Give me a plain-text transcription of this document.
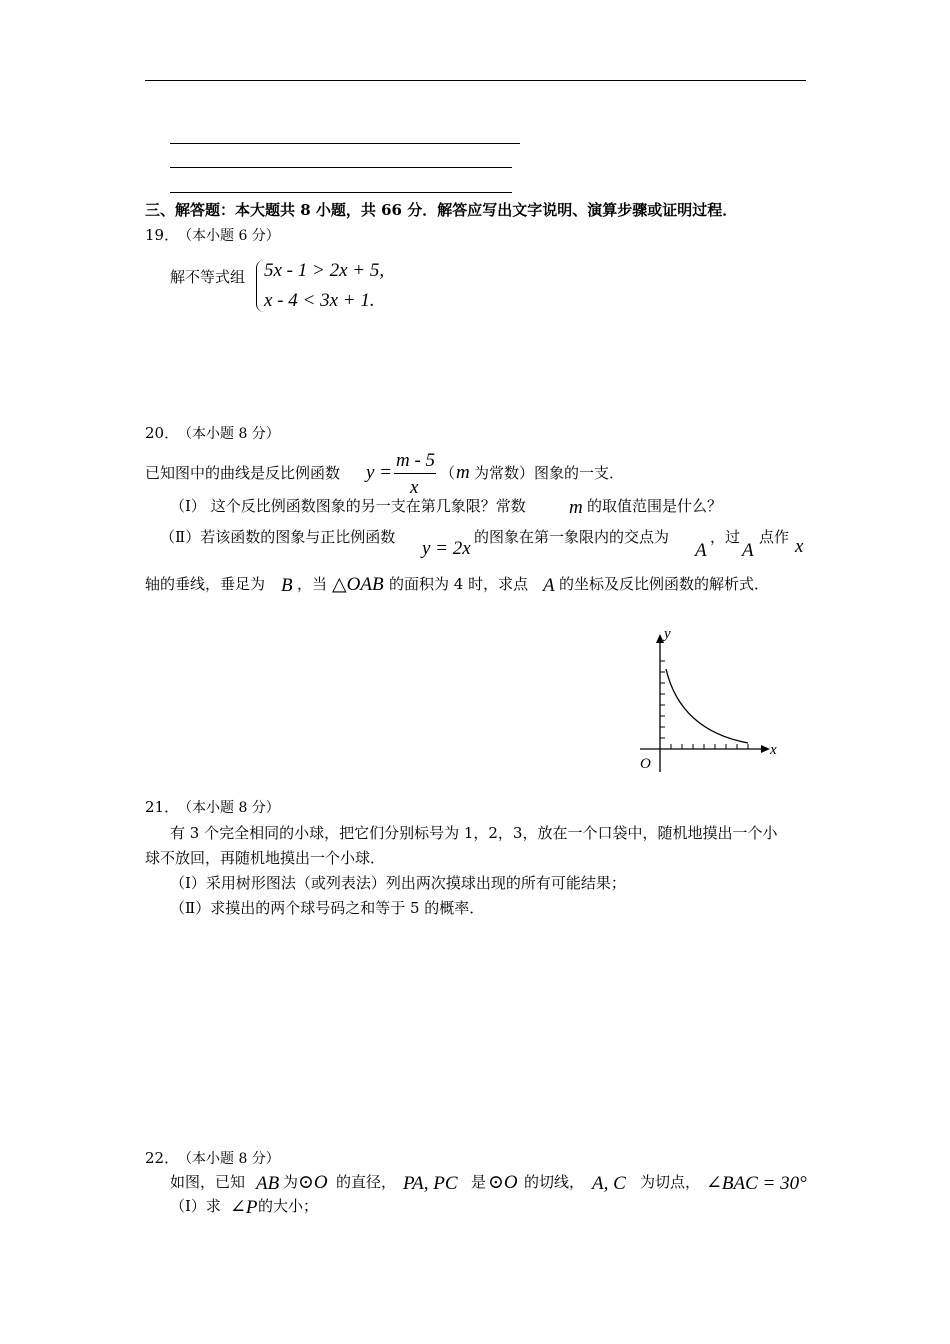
三、解答题：本大题共 8 小题，共 66 分．解答应写出文字说明、演算步骤或证明过程．
19．
（本小题 6 分）
解不等式组 5x - 1 > 2x + 5,
x - 4 < 3x + 1.
20．
（本小题 8 分）
已知图中的曲线是反比例函数 y =
m - 5
x
（ m 为常数）图象的一支．
（Ⅰ） 这个反比例函数图象的另一支在第几象限？常数 m 的取值范围是什么？
（Ⅱ）若该函数的图象与正比例函数
y = 2x
的图象在第一象限内的交点为
A
，过
A
点作 x
轴的垂线，垂足为 B ，当 △OAB 的面积为 4 时，求点 A 的坐标及反比例函数的解析式．
y
x
O
21．
（本小题 8 分）
有 3 个完全相同的小球，把它们分别标号为 1，2，3，放在一个口袋中，随机地摸出一个小
球不放回，再随机地摸出一个小球．
（Ⅰ）采用树形图法（或列表法）列出两次摸球出现的所有可能结果；
（Ⅱ）求摸出的两个球号码之和等于 5 的概率．
22．
（本小题 8 分）
如图，已知 AB 为 ⊙O 的直径， PA, PC 是 ⊙O 的切线， A, C 为切点， ∠BAC = 30°
（Ⅰ）求 ∠P 的大小；
